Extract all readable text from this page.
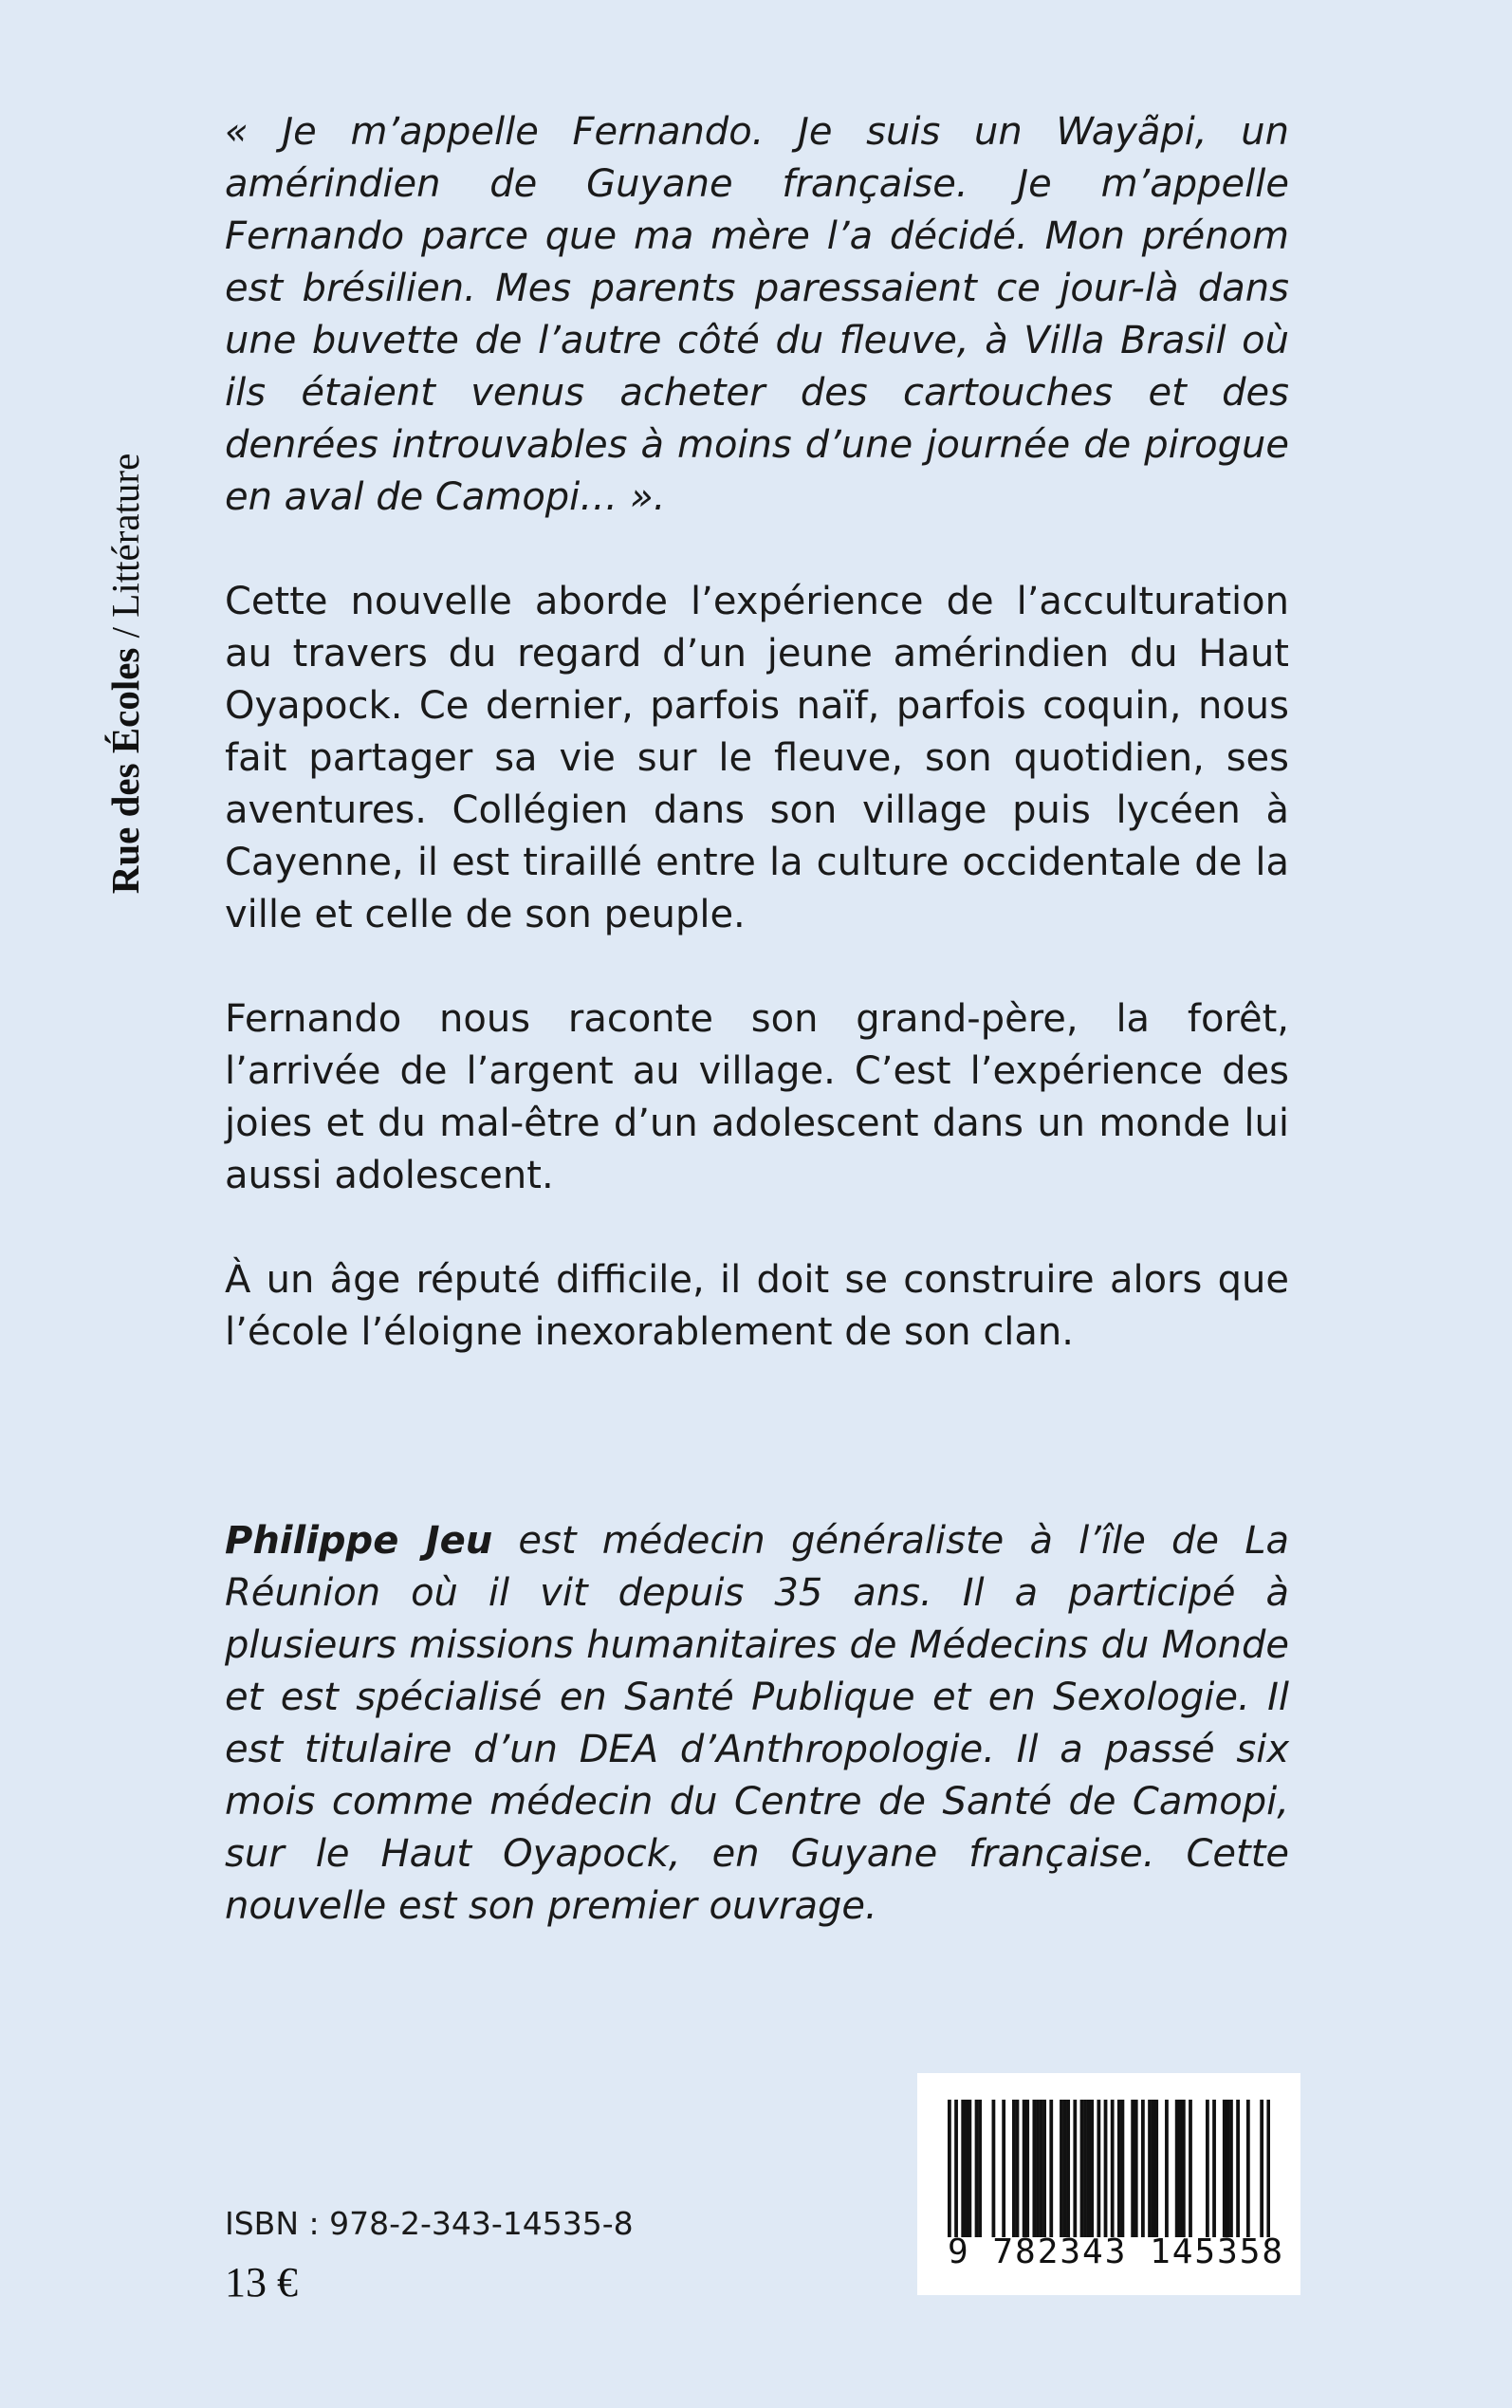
Rue des Écoles / Littérature

« Je m’appelle Fernando. Je suis un Wayãpi, un amérindien de Guyane française. Je m’appelle Fernando parce que ma mère l’a décidé. Mon prénom est brésilien. Mes parents paressaient ce jour-là dans une buvette de l’autre côté du fleuve, à Villa Brasil où ils étaient venus acheter des cartouches et des denrées introuvables à moins d’une journée de pirogue en aval de Camopi… ».

Cette nouvelle aborde l’expérience de l’acculturation au travers du regard d’un jeune amérindien du Haut Oyapock. Ce dernier, parfois naïf, parfois coquin, nous fait partager sa vie sur le fleuve, son quotidien, ses aventures. Collégien dans son village puis lycéen à Cayenne, il est tiraillé entre la culture occidentale de la ville et celle de son peuple.

Fernando nous raconte son grand-père, la forêt, l’arrivée de l’argent au village. C’est l’expérience des joies et du mal-être d’un adolescent dans un monde lui aussi adolescent.

À un âge réputé difficile, il doit se construire alors que l’école l’éloigne inexorablement de son clan.

Philippe Jeu est médecin généraliste à l’île de La Réunion où il vit depuis 35 ans. Il a participé à plusieurs missions humanitaires de Médecins du Monde et est spécialisé en Santé Publique et en Sexologie. Il est titulaire d’un DEA d’Anthropologie. Il a passé six mois comme médecin du Centre de Santé de Camopi, sur le Haut Oyapock, en Guyane française. Cette nouvelle est son premier ouvrage.

ISBN : 978-2-343-14535-8
13 €
9 782343 145358
